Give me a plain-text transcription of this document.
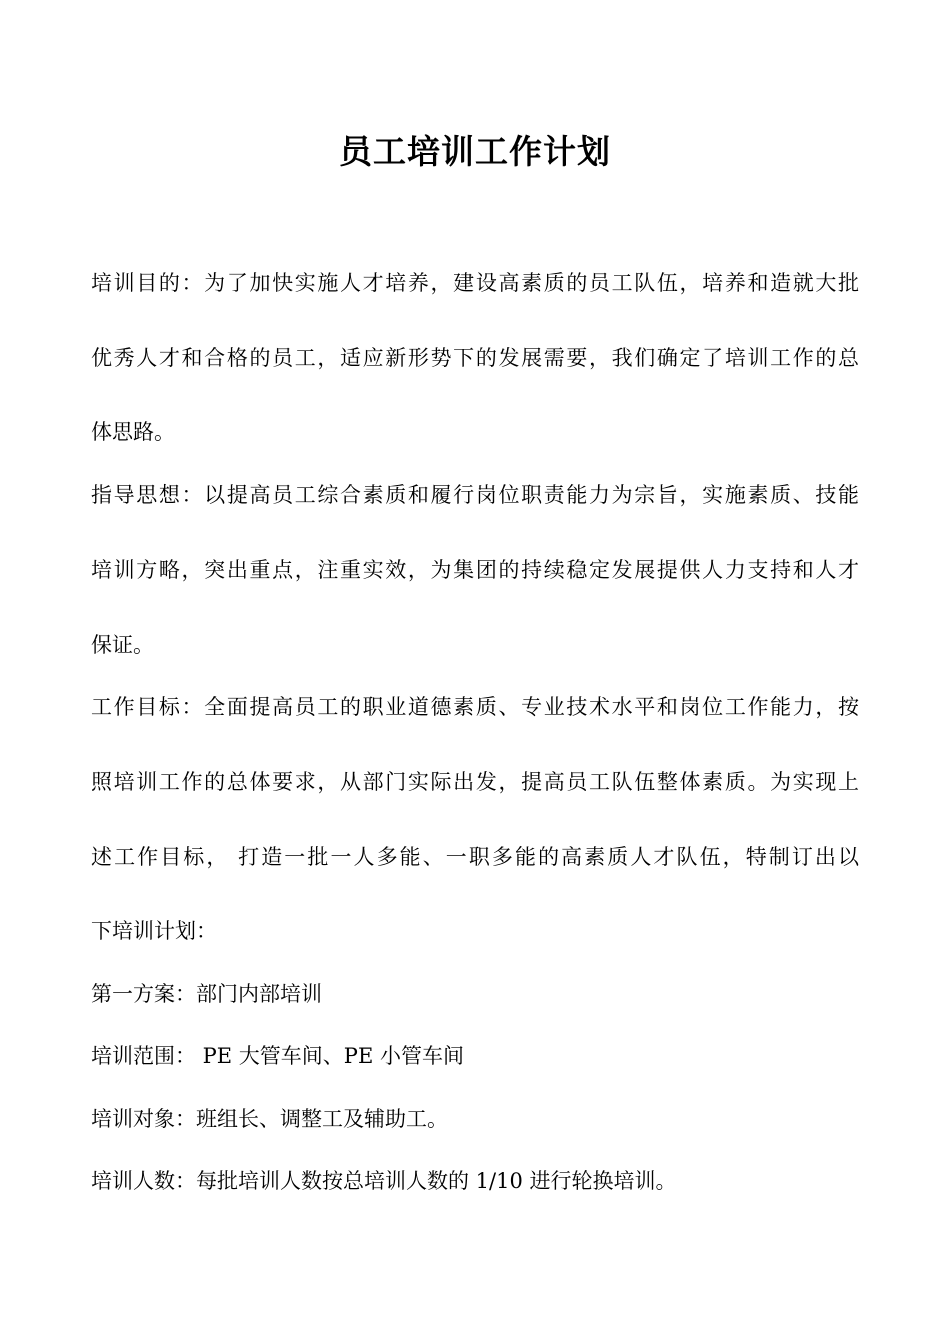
员工培训工作计划
培训目的：为了加快实施人才培养，建设高素质的员工队伍，培养和造就大批
优秀人才和合格的员工，适应新形势下的发展需要，我们确定了培训工作的总
体思路。
指导思想：以提高员工综合素质和履行岗位职责能力为宗旨，实施素质、技能
培训方略，突出重点，注重实效，为集团的持续稳定发展提供人力支持和人才
保证。
工作目标：全面提高员工的职业道德素质、专业技术水平和岗位工作能力，按
照培训工作的总体要求，从部门实际出发，提高员工队伍整体素质。为实现上
述工作目标， 打造一批一人多能、一职多能的高素质人才队伍，特制订出以
下培训计划：
第一方案：部门内部培训
培训范围： PE 大管车间、PE 小管车间
培训对象：班组长、调整工及辅助工。
培训人数：每批培训人数按总培训人数的 1/10 进行轮换培训。
